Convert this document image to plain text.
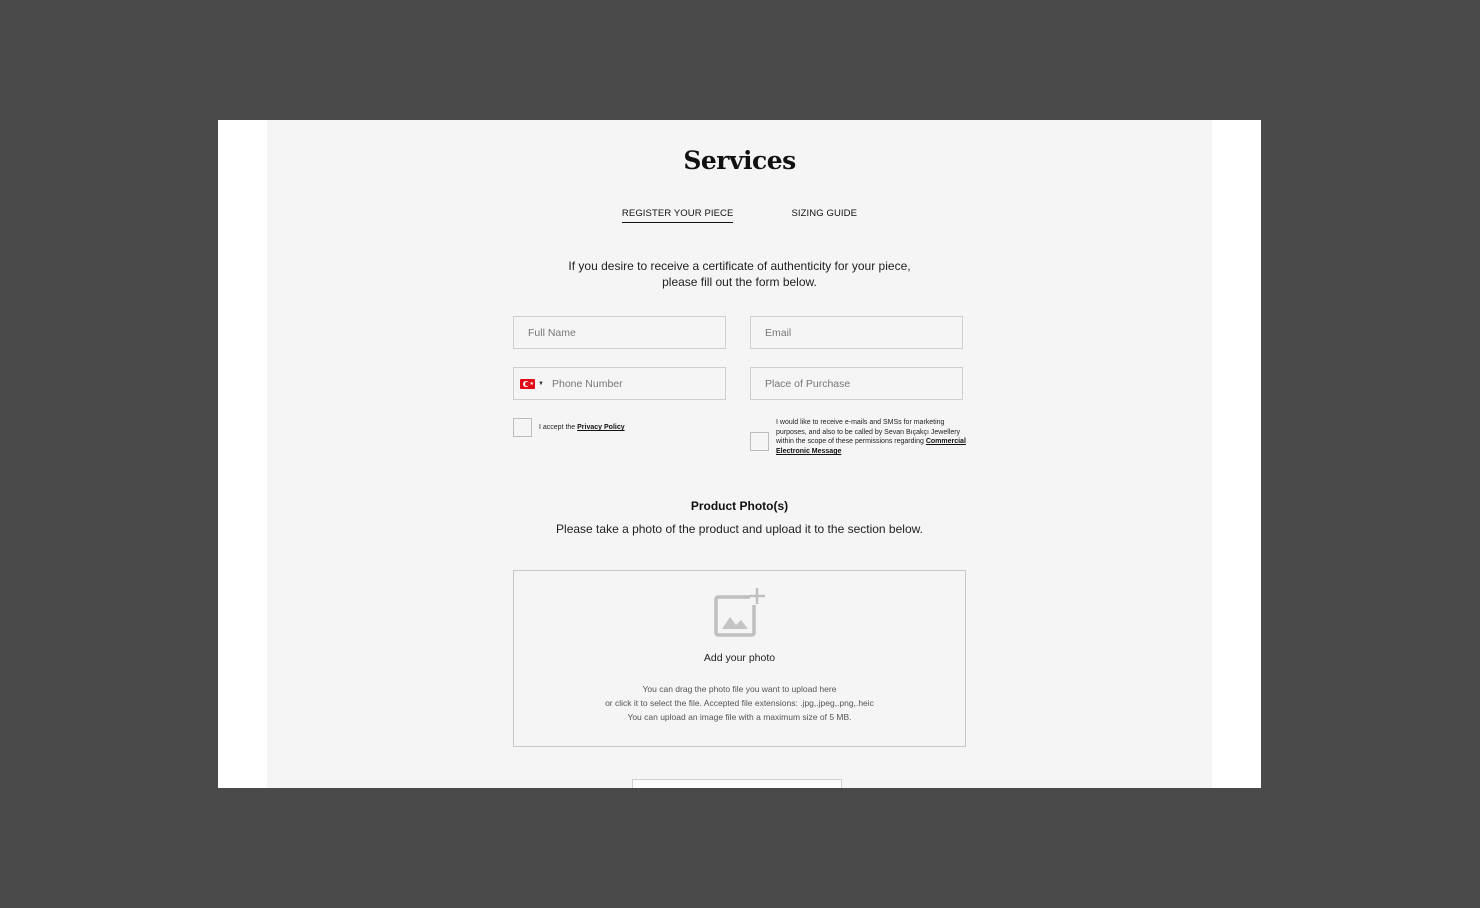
Services
REGISTER YOUR PIECE	SIZING GUIDE
If you desire to receive a certificate of authenticity for your piece,
please fill out the form below.
Full Name
Email
★ ▼
Phone Number
Place of Purchase
I accept the Privacy Policy
I would like to receive e-mails and SMSs for marketing purposes, and also to be called by Sevan Bıçakçı Jewellery within the scope of these permissions regarding Commercial Electronic Message
Product Photo(s)
Please take a photo of the product and upload it to the section below.
Add your photo
You can drag the photo file you want to upload here
or click it to select the file. Accepted file extensions: .jpg,.jpeg,.png,.heic
You can upload an image file with a maximum size of 5 MB.
